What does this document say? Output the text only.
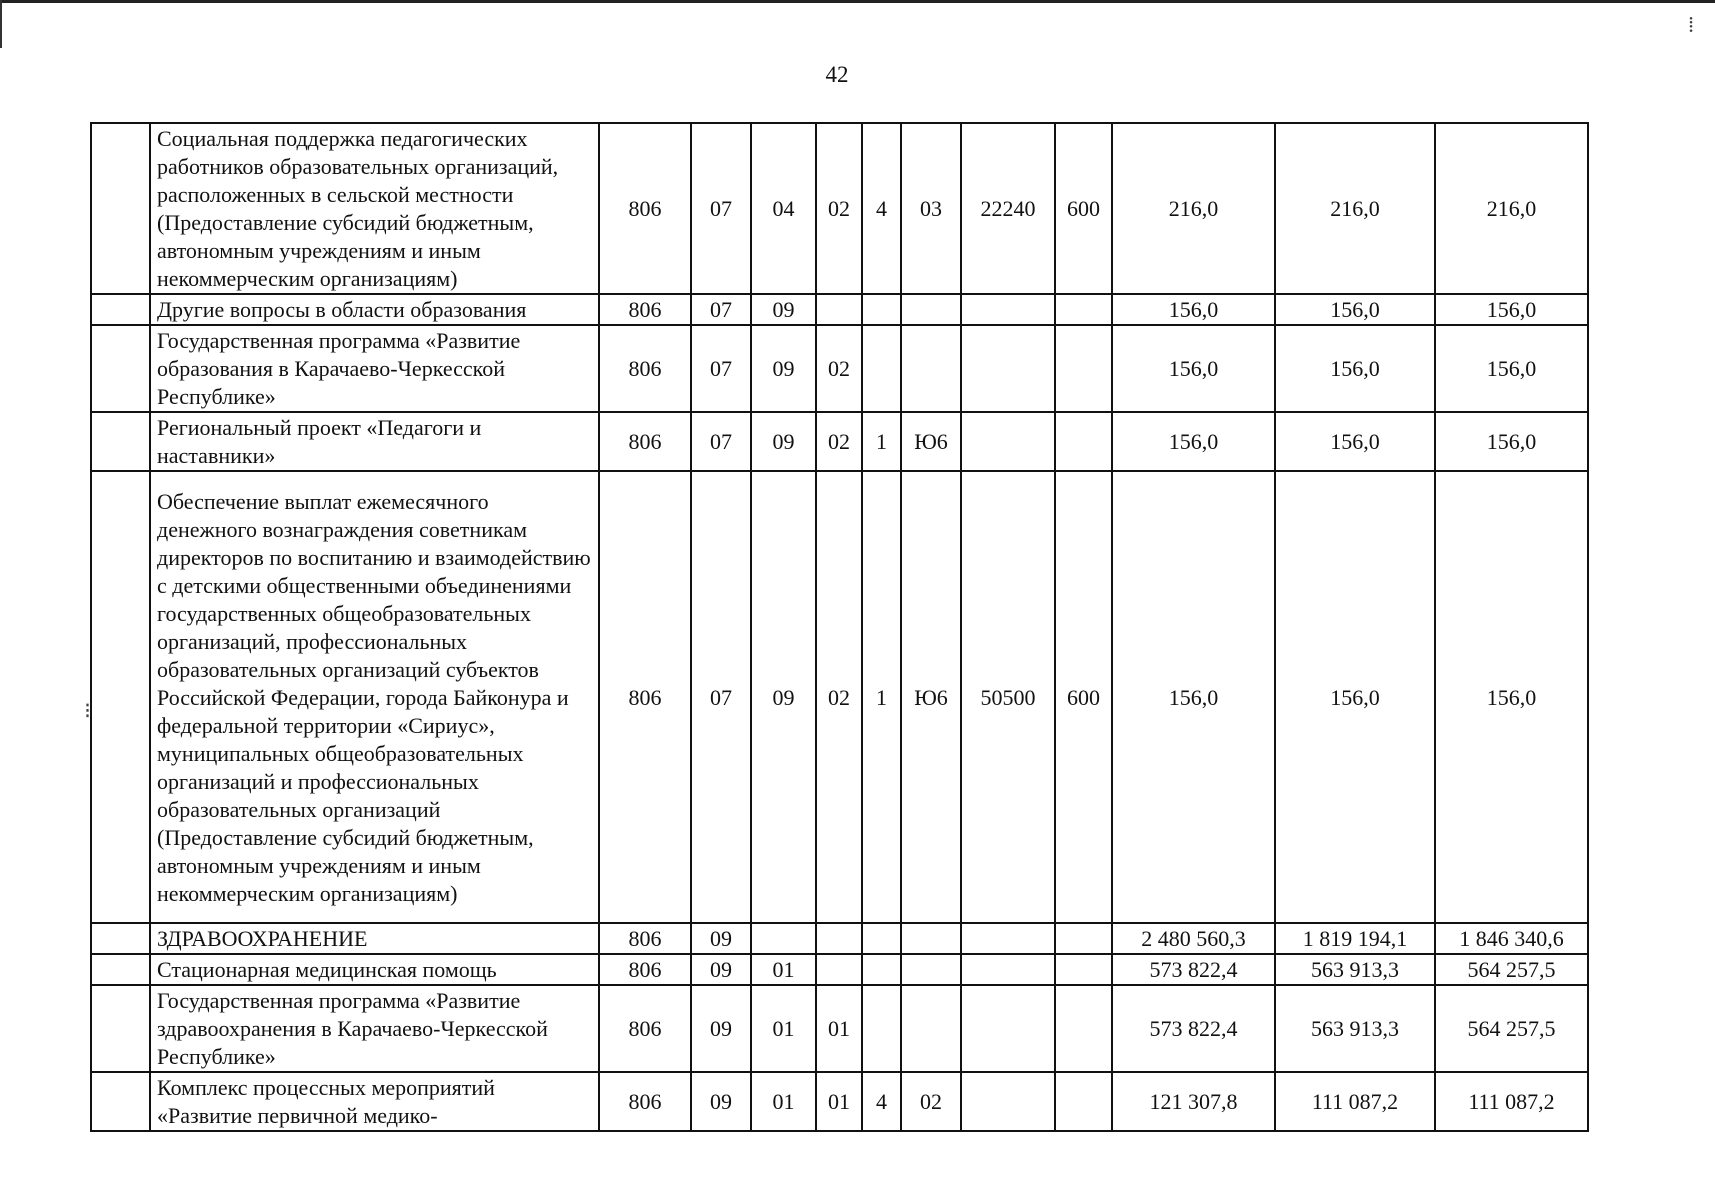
42
⁝
⁞
	Социальная поддержка педагогических работников образовательных организаций, расположенных в сельской местности (Предоставление субсидий бюджетным, автономным учреждениям и иным некоммерческим организациям)	806	07	04	02	4	03	22240	600	216,0	216,0	216,0
	Другие вопросы в области образования	806	07	09						156,0	156,0	156,0
	Государственная программа «Развитие образования в Карачаево-Черкесской Республике»	806	07	09	02					156,0	156,0	156,0
	Региональный проект «Педагоги и наставники»	806	07	09	02	1	Ю6			156,0	156,0	156,0
	Обеспечение выплат ежемесячного денежного вознаграждения советникам директоров по воспитанию и взаимодействию с детскими общественными объединениями государственных общеобразовательных организаций, профессиональных образовательных организаций субъектов Российской Федерации, города Байконура и федеральной территории «Сириус», муниципальных общеобразовательных организаций и профессиональных образовательных организаций (Предоставление субсидий бюджетным, автономным учреждениям и иным некоммерческим организациям)	806	07	09	02	1	Ю6	50500	600	156,0	156,0	156,0
	ЗДРАВООХРАНЕНИЕ	806	09							2 480 560,3	1 819 194,1	1 846 340,6
	Стационарная медицинская помощь	806	09	01						573 822,4	563 913,3	564 257,5
	Государственная программа «Развитие здравоохранения в Карачаево-Черкесской Республике»	806	09	01	01					573 822,4	563 913,3	564 257,5
	Комплекс процессных мероприятий «Развитие первичной медико-	806	09	01	01	4	02			121 307,8	111 087,2	111 087,2
